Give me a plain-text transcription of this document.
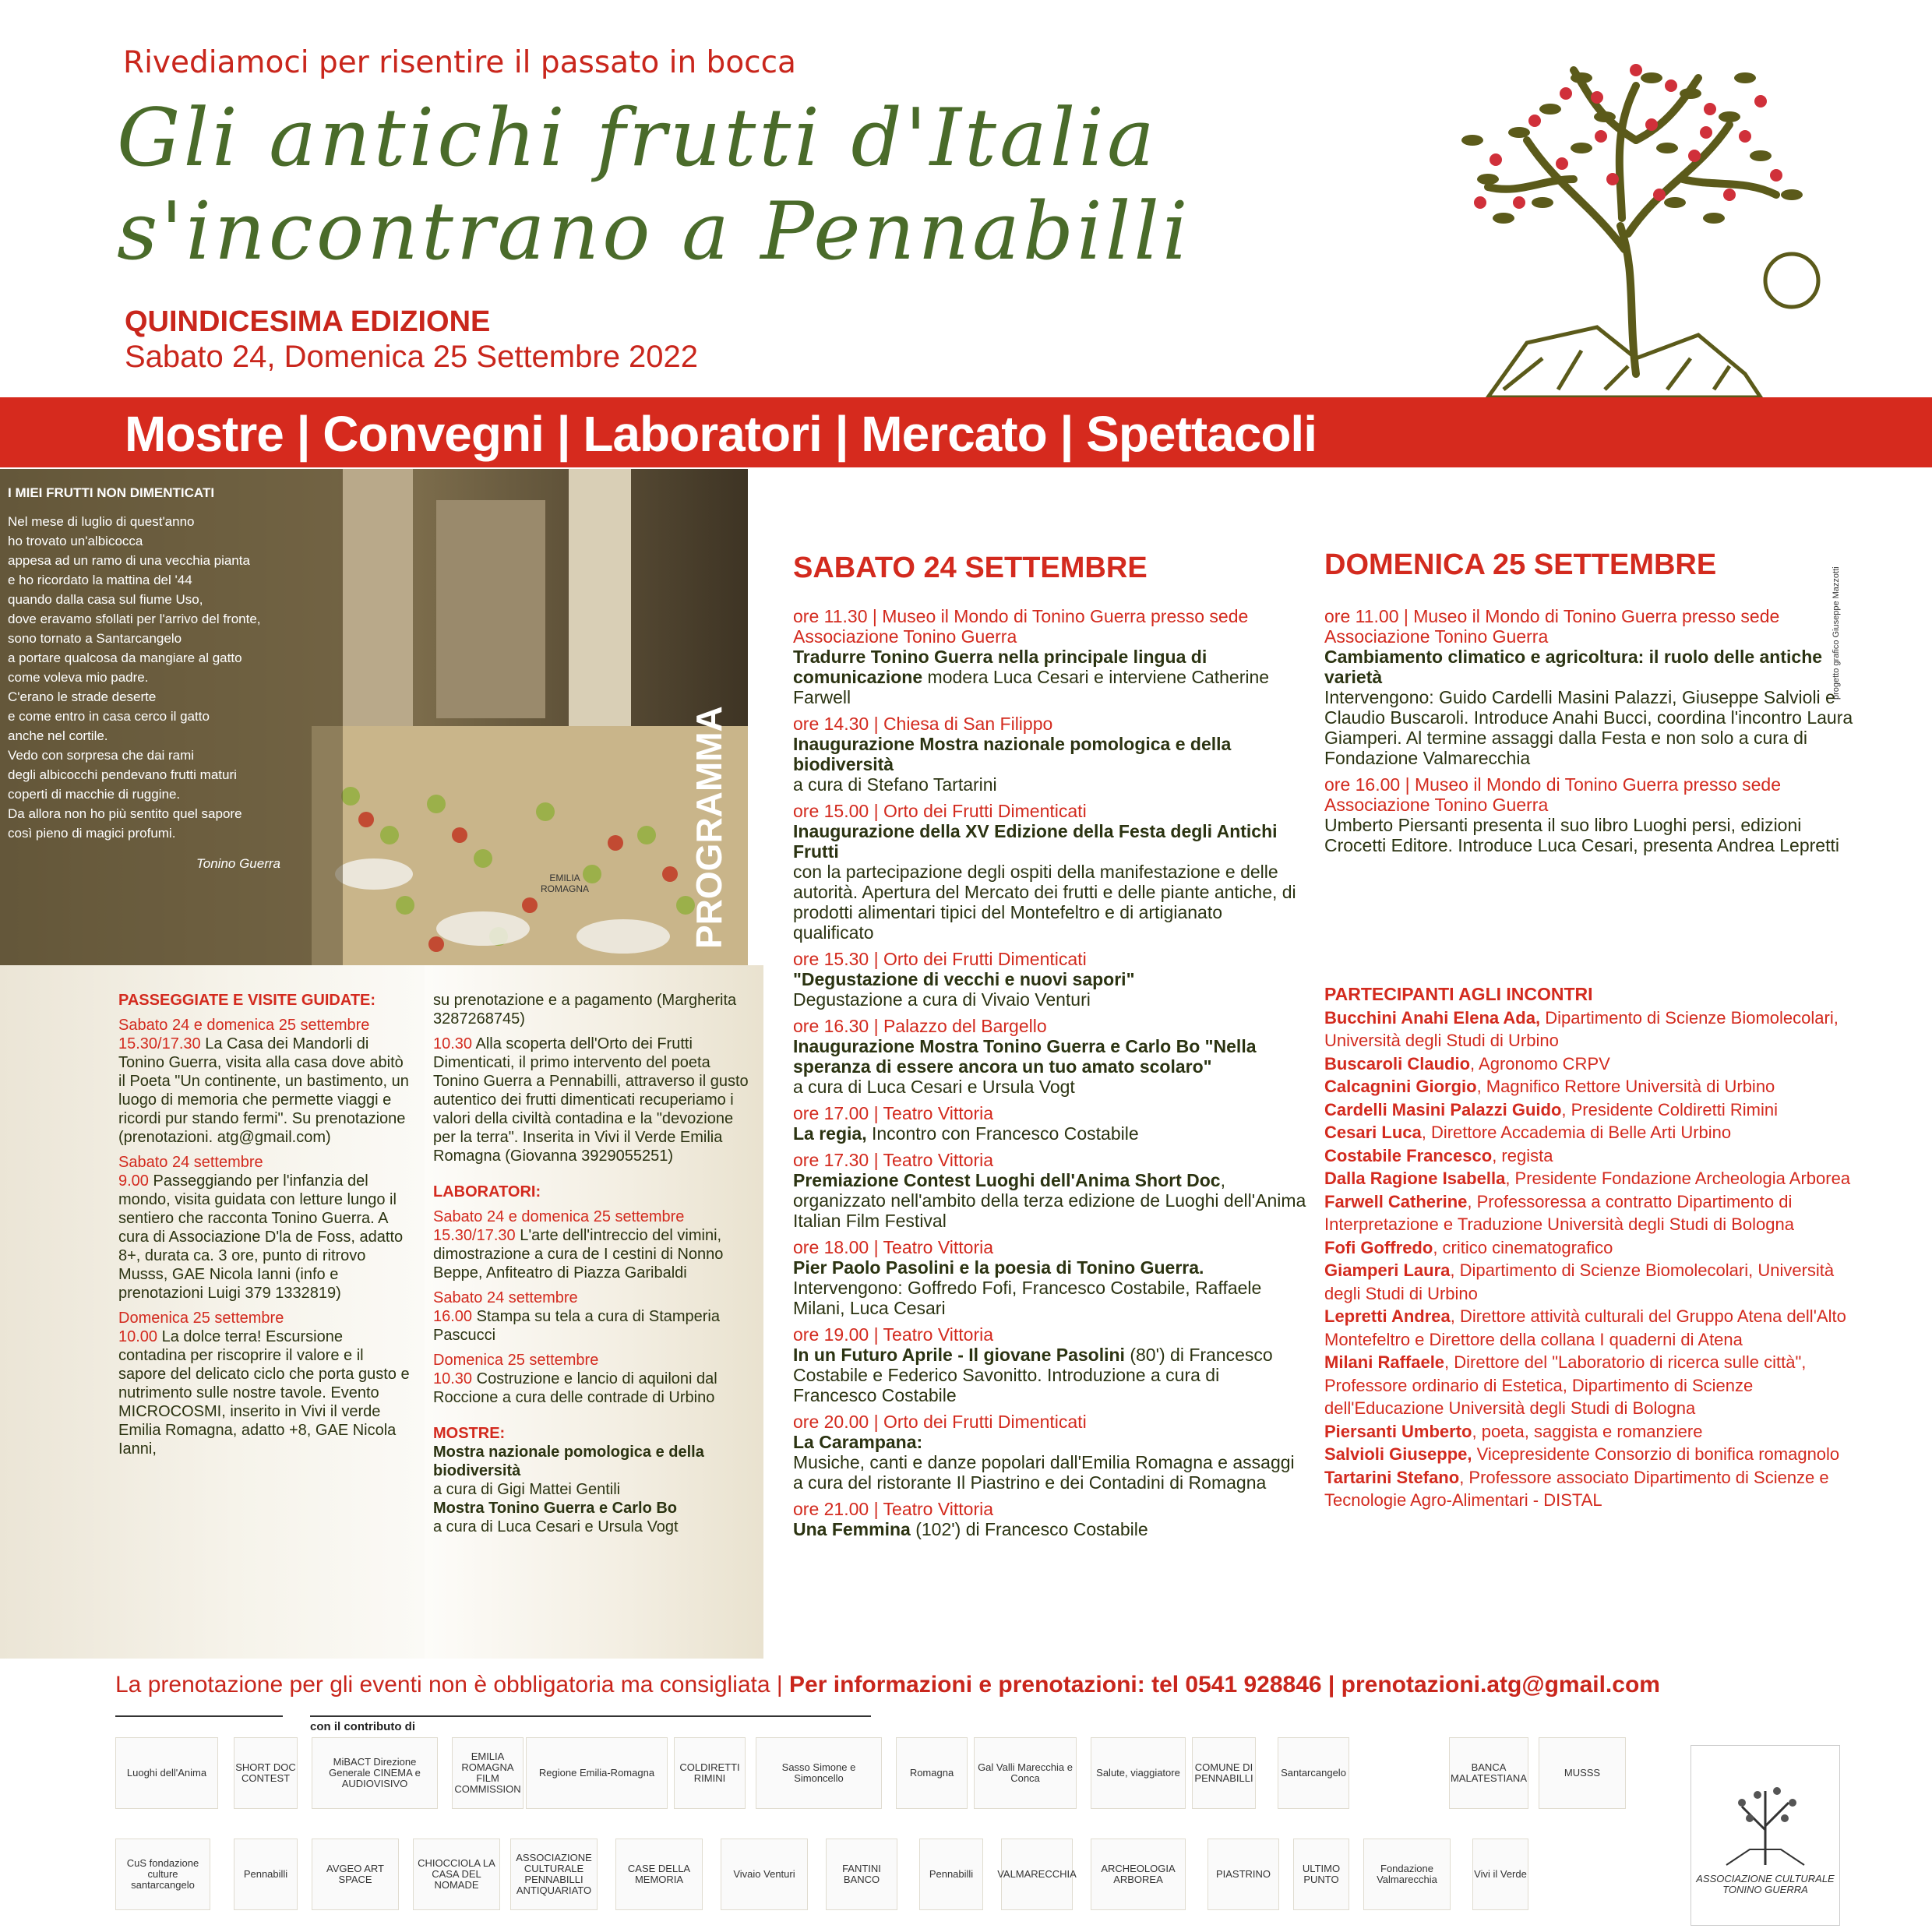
Rivediamoci per risentire il passato in bocca
Gli antichi frutti d'Italia
s'incontrano a Pennabilli
QUINDICESIMA EDIZIONE
Sabato 24, Domenica 25 Settembre 2022
Mostre | Convegni | Laboratori | Mercato | Spettacoli
I MIEI FRUTTI NON DIMENTICATI
Nel mese di luglio di quest'anno
ho trovato un'albicocca
appesa ad un ramo di una vecchia pianta
e ho ricordato la mattina del '44
quando dalla casa sul fiume Uso,
dove eravamo sfollati per l'arrivo del fronte,
sono tornato a Santarcangelo
a portare qualcosa da mangiare al gatto
come voleva mio padre.
C'erano le strade deserte
e come entro in casa cerco il gatto
anche nel cortile.
Vedo con sorpresa che dai rami
degli albicocchi pendevano frutti maturi
coperti di macchie di ruggine.
Da allora non ho più sentito quel sapore
così pieno di magici profumi.
Tonino Guerra
EMILIA ROMAGNA	PROGRAMMA
PASSEGGIATE E VISITE GUIDATE:
Sabato 24 e domenica 25 settembre

15.30/17.30 La Casa dei Mandorli di Tonino Guerra, visita alla casa dove abitò il Poeta "Un continente, un bastimento, un luogo di memoria che permette viaggi e ricordi pur stando fermi". Su prenotazione (prenotazioni. atg@gmail.com)

Sabato 24 settembre

9.00 Passeggiando per l'infanzia del mondo, visita guidata con letture lungo il sentiero che racconta Tonino Guerra. A cura di Associazione D'la de Foss, adatto 8+, durata ca. 3 ore, punto di ritrovo Musss, GAE Nicola Ianni (info e prenotazioni Luigi 379 1332819)

Domenica 25 settembre

10.00 La dolce terra! Escursione contadina per riscoprire il valore e il sapore del delicato ciclo che porta gusto e nutrimento sulle nostre tavole. Evento MICROCOSMI, inserito in Vivi il verde Emilia Romagna, adatto +8, GAE Nicola Ianni,

su prenotazione e a pagamento (Margherita 3287268745)

10.30 Alla scoperta dell'Orto dei Frutti Dimenticati, il primo intervento del poeta Tonino Guerra a Pennabilli, attraverso il gusto autentico dei frutti dimenticati recuperiamo i valori della civiltà contadina e la "devozione per la terra". Inserita in Vivi il Verde Emilia Romagna (Giovanna 3929055251)

LABORATORI:
Sabato 24 e domenica 25 settembre

15.30/17.30 L'arte dell'intreccio del vimini, dimostrazione a cura de I cestini di Nonno Beppe, Anfiteatro di Piazza Garibaldi

Sabato 24 settembre

16.00 Stampa su tela a cura di Stamperia Pascucci

Domenica 25 settembre

10.30 Costruzione e lancio di aquiloni dal Roccione a cura delle contrade di Urbino

MOSTRE:
Mostra nazionale pomologica e della biodiversità
a cura di Gigi Mattei Gentili
Mostra Tonino Guerra e Carlo Bo
a cura di Luca Cesari e Ursula Vogt
SABATO 24 SETTEMBRE
ore 11.30 | Museo il Mondo di Tonino Guerra presso sede Associazione Tonino Guerra
Tradurre Tonino Guerra nella principale lingua di comunicazione modera Luca Cesari e interviene Catherine Farwell
ore 14.30 | Chiesa di San Filippo
Inaugurazione Mostra nazionale pomologica e della biodiversità
a cura di Stefano Tartarini
ore 15.00 | Orto dei Frutti Dimenticati
Inaugurazione della XV Edizione della Festa degli Antichi Frutti
con la partecipazione degli ospiti della manifestazione e delle autorità. Apertura del Mercato dei frutti e delle piante antiche, di prodotti alimentari tipici del Montefeltro e di artigianato qualificato
ore 15.30 | Orto dei Frutti Dimenticati
"Degustazione di vecchi e nuovi sapori"
Degustazione a cura di Vivaio Venturi
ore 16.30 | Palazzo del Bargello
Inaugurazione Mostra Tonino Guerra e Carlo Bo "Nella speranza di essere ancora un tuo amato scolaro"
a cura di Luca Cesari e Ursula Vogt
ore 17.00 | Teatro Vittoria
La regia, Incontro con Francesco Costabile
ore 17.30 | Teatro Vittoria
Premiazione Contest Luoghi dell'Anima Short Doc, organizzato nell'ambito della terza edizione de Luoghi dell'Anima Italian Film Festival
ore 18.00 | Teatro Vittoria
Pier Paolo Pasolini e la poesia di Tonino Guerra.
Intervengono: Goffredo Fofi, Francesco Costabile, Raffaele Milani, Luca Cesari
ore 19.00 | Teatro Vittoria
In un Futuro Aprile - Il giovane Pasolini (80') di Francesco Costabile e Federico Savonitto. Introduzione a cura di Francesco Costabile
ore 20.00 | Orto dei Frutti Dimenticati
La Carampana:
Musiche, canti e danze popolari dall'Emilia Romagna e assaggi a cura del ristorante Il Piastrino e dei Contadini di Romagna
ore 21.00 | Teatro Vittoria
Una Femmina (102') di Francesco Costabile
DOMENICA 25 SETTEMBRE
ore 11.00 | Museo il Mondo di Tonino Guerra presso sede Associazione Tonino Guerra
Cambiamento climatico e agricoltura: il ruolo delle antiche varietà
Intervengono: Guido Cardelli Masini Palazzi, Giuseppe Salvioli e Claudio Buscaroli. Introduce Anahi Bucci, coordina l'incontro Laura Giamperi. Al termine assaggi dalla Festa e non solo a cura di Fondazione Valmarecchia
ore 16.00 | Museo il Mondo di Tonino Guerra presso sede Associazione Tonino Guerra
Umberto Piersanti presenta il suo libro Luoghi persi, edizioni Crocetti Editore. Introduce Luca Cesari, presenta Andrea Lepretti
PARTECIPANTI AGLI INCONTRI
Bucchini Anahi Elena Ada, Dipartimento di Scienze Biomolecolari, Università degli Studi di Urbino
Buscaroli Claudio, Agronomo CRPV
Calcagnini Giorgio, Magnifico Rettore Università di Urbino
Cardelli Masini Palazzi Guido, Presidente Coldiretti Rimini
Cesari Luca, Direttore Accademia di Belle Arti Urbino
Costabile Francesco, regista
Dalla Ragione Isabella, Presidente Fondazione Archeologia Arborea
Farwell Catherine, Professoressa a contratto Dipartimento di Interpretazione e Traduzione Università degli Studi di Bologna
Fofi Goffredo, critico cinematografico
Giamperi Laura, Dipartimento di Scienze Biomolecolari, Università degli Studi di Urbino
Lepretti Andrea, Direttore attività culturali del Gruppo Atena dell'Alto Montefeltro e Direttore della collana I quaderni di Atena
Milani Raffaele, Direttore del "Laboratorio di ricerca sulle città", Professore ordinario di Estetica, Dipartimento di Scienze dell'Educazione Università degli Studi di Bologna
Piersanti Umberto, poeta, saggista e romanziere
Salvioli Giuseppe, Vicepresidente Consorzio di bonifica romagnolo
Tartarini Stefano, Professore associato Dipartimento di Scienze e Tecnologie Agro-Alimentari - DISTAL
progetto grafico Giuseppe Mazzotti
La prenotazione per gli eventi non è obbligatoria ma consigliata | Per informazioni e prenotazioni: tel 0541 928846 | prenotazioni.atg@gmail.com
con il contributo di
Luoghi dell'Anima	SHORT DOC CONTEST
MiBACT Direzione Generale CINEMA e AUDIOVISIVO
EMILIA ROMAGNA FILM COMMISSION
Regione Emilia-Romagna	COLDIRETTI RIMINI
Sasso Simone e Simoncello	Romagna	Gal Valli Marecchia e Conca	Salute, viaggiatore	COMUNE DI PENNABILLI	Santarcangelo	BANCA MALATESTIANA	MUSSS
CuS fondazione culture santarcangelo
Pennabilli	AVGEO ART SPACE
CHIOCCIOLA LA CASA DEL NOMADE
ASSOCIAZIONE CULTURALE PENNABILLI ANTIQUARIATO
CASE DELLA MEMORIA	Vivaio Venturi	FANTINI BANCO	Pennabilli	VALMARECCHIA	ARCHEOLOGIA ARBOREA	PIASTRINO	ULTIMO PUNTO
Fondazione Valmarecchia	Vivi il Verde	ASSOCIAZIONE CULTURALE TONINO GUERRA
